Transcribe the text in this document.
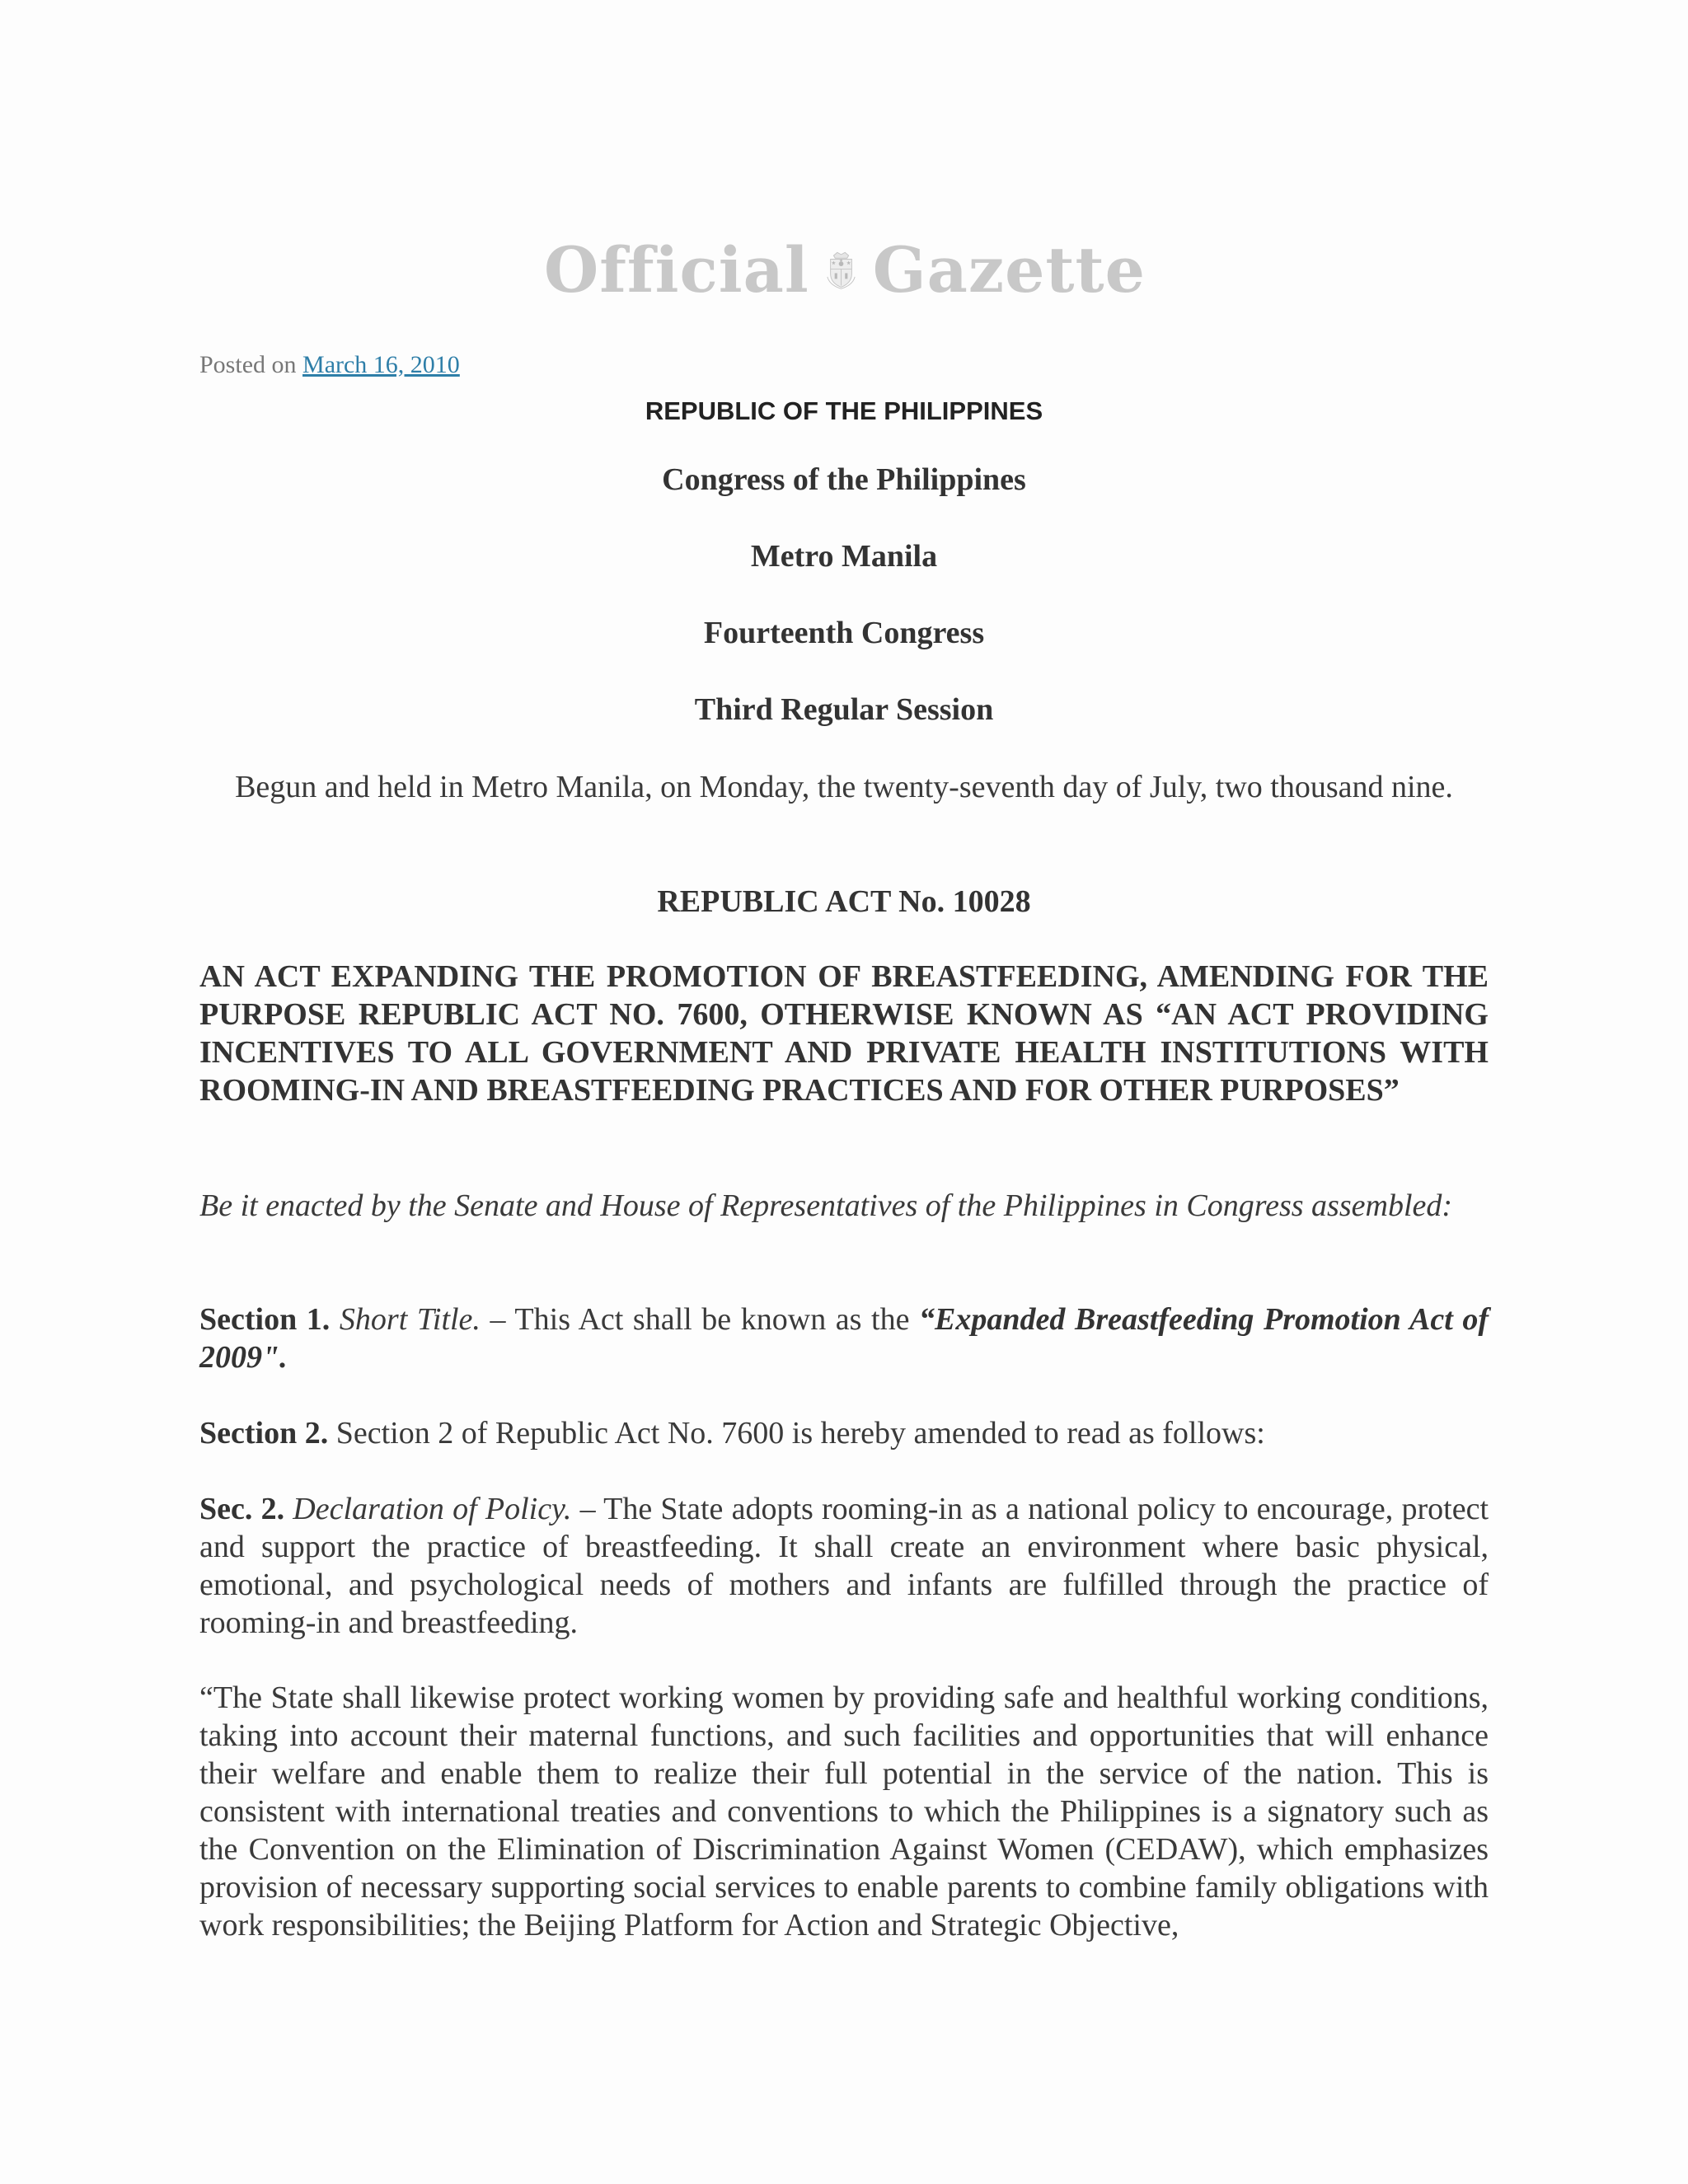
Official Gazette
Posted on March 16, 2010
REPUBLIC OF THE PHILIPPINES
Congress of the Philippines
Metro Manila
Fourteenth Congress
Third Regular Session
Begun and held in Metro Manila, on Monday, the twenty-seventh day of July, two thousand nine.
REPUBLIC ACT No. 10028
AN ACT EXPANDING THE PROMOTION OF BREASTFEEDING, AMENDING FOR THE PURPOSE REPUBLIC ACT NO. 7600, OTHERWISE KNOWN AS “AN ACT PROVIDING INCENTIVES TO ALL GOVERNMENT AND PRIVATE HEALTH INSTITUTIONS WITH ROOMING-IN AND BREASTFEEDING PRACTICES AND FOR OTHER PURPOSES”
Be it enacted by the Senate and House of Representatives of the Philippines in Congress assembled:
Section 1. Short Title. – This Act shall be known as the “Expanded Breastfeeding Promotion Act of 2009".
Section 2. Section 2 of Republic Act No. 7600 is hereby amended to read as follows:
Sec. 2. Declaration of Policy. – The State adopts rooming-in as a national policy to encourage, protect and support the practice of breastfeeding. It shall create an environment where basic physical, emotional, and psychological needs of mothers and infants are fulfilled through the practice of rooming-in and breastfeeding.
“The State shall likewise protect working women by providing safe and healthful working conditions, taking into account their maternal functions, and such facilities and opportunities that will enhance their welfare and enable them to realize their full potential in the service of the nation. This is consistent with international treaties and conventions to which the Philippines is a signatory such as the Convention on the Elimination of Discrimination Against Women (CEDAW), which emphasizes provision of necessary supporting social services to enable parents to combine family obligations with work responsibilities; the Beijing Platform for Action and Strategic Objective,
